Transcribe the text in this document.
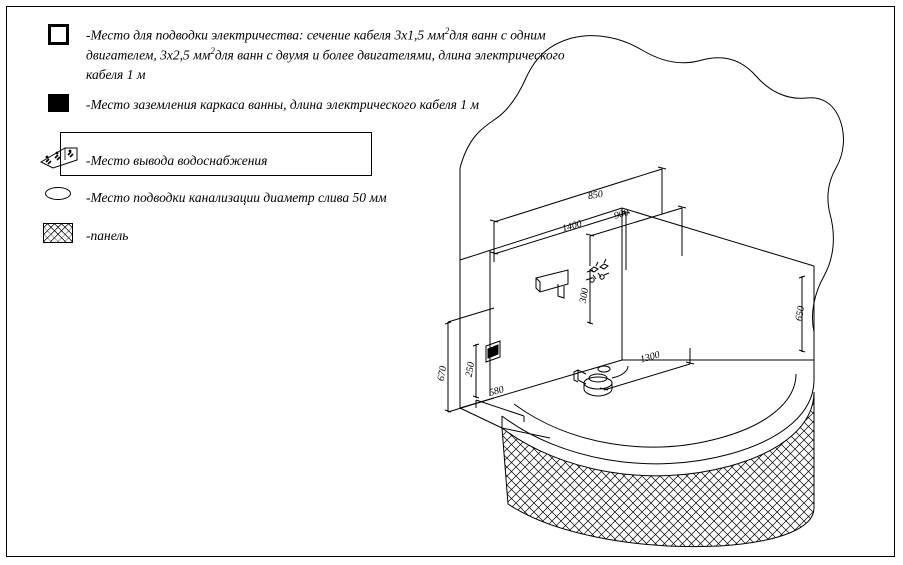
-Место для подводки электричества: сечение кабеля 3х1,5 $мм^2для$ ванн с одним двигателем, 3х2,5 $мм^2для$ ванн с двумя и более двигателями, длина электрического кабеля 1 м
-Место заземления каркаса ванны, длина электрического кабеля 1 м
-Место вывода водоснабжения
-Место подводки канализации диаметр слива 50 мм
-панель
850
1400
900
650
300
670 250
580
1300
